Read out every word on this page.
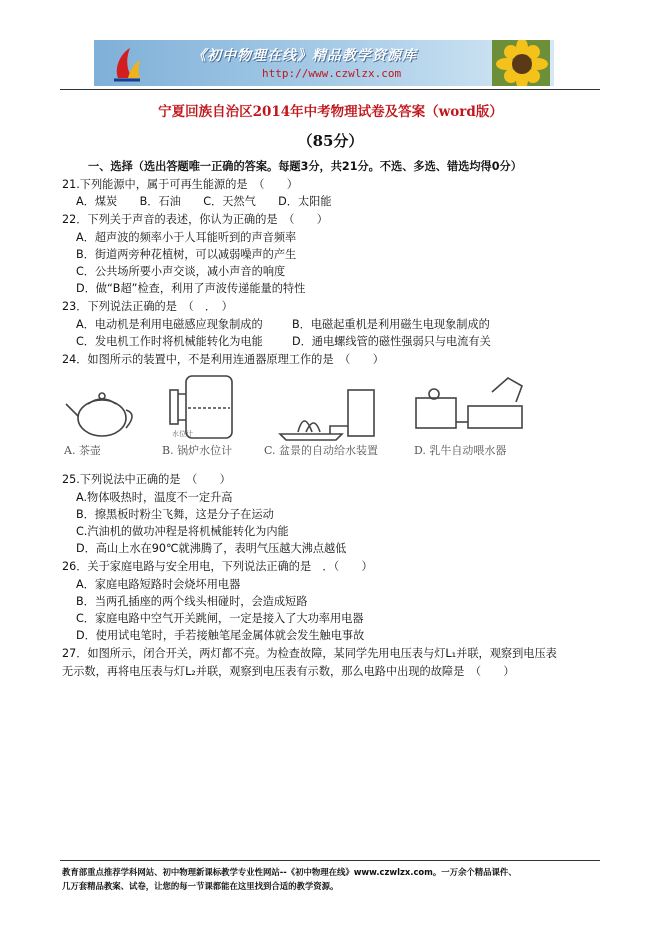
《初中物理在线》精品教学资源库
http://www.czwlzx.com
宁夏回族自治区2014年中考物理试卷及答案（word版）
（85分）
一、选择（选出答题唯一正确的答案。每题3分，共21分。不选、多选、错选均得0分）
21.下列能源中，属于可再生能源的是　（　　）
A．煤炭　　B．石油　　C．天然气　　D．太阳能
22．下列关于声音的表述，你认为正确的是　（　　）
A．超声波的频率小于人耳能听到的声音频率
B．街道两旁种花植树，可以减弱噪声的产生
C．公共场所要小声交谈，减小声音的响度
D．做“B超”检查，利用了声波传递能量的特性
23．下列说法正确的是　（　．　）
A．电动机是利用电磁感应现象制成的	B．电磁起重机是利用磁生电现象制成的
C．发电机工作时将机械能转化为电能	D．通电螺线管的磁性强弱只与电流有关
24．如图所示的装置中，不是利用连通器原理工作的是　（　　）
水位计
A. 茶壶	B. 锅炉水位计	C. 盆景的自动给水装置	D. 乳牛自动喂水器
25.下列说法中正确的是　（　　）
A.物体吸热时，温度不一定升高
B．擦黑板时粉尘飞舞，这是分子在运动
C.汽油机的做功冲程是将机械能转化为内能
D．高山上水在90℃就沸腾了，表明气压越大沸点越低
26．关于家庭电路与安全用电，下列说法正确的是　．（　　）
A．家庭电路短路时会烧坏用电器
B．当两孔插座的两个线头相碰时，会造成短路
C．家庭电路中空气开关跳闸，一定是接入了大功率用电器
D．使用试电笔时，手若接触笔尾金属体就会发生触电事故
27．如图所示，闭合开关，两灯都不亮。为检查故障，某同学先用电压表与灯L₁并联，观察到电压表
无示数，再将电压表与灯L₂并联，观察到电压表有示数，那么电路中出现的故障是　（　　）
教育部重点推荐学科网站、初中物理新课标教学专业性网站--《初中物理在线》www.czwlzx.com。一万余个精品课件、
几万套精品教案、试卷，让您的每一节课都能在这里找到合适的教学资源。
